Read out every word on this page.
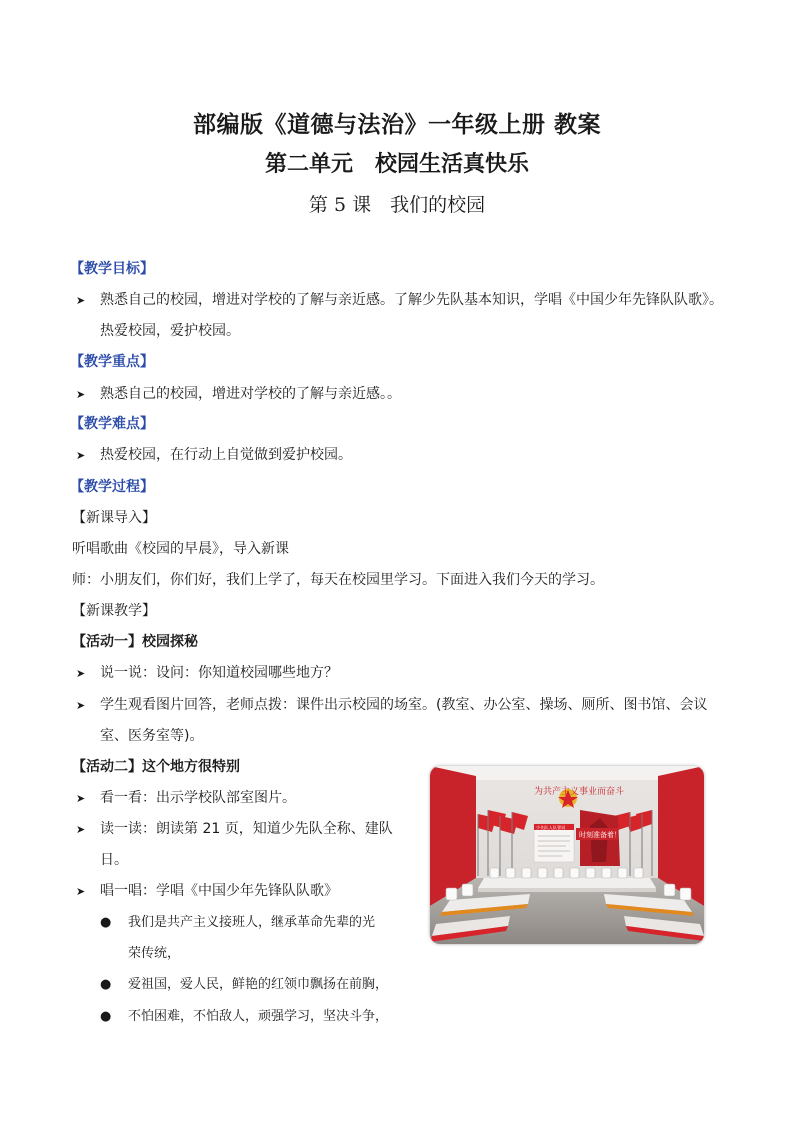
部编版《道德与法治》一年级上册 教案
第二单元　校园生活真快乐
第 5 课　我们的校园
【教学目标】
➤ 熟悉自己的校园，增进对学校的了解与亲近感。了解少先队基本知识，学唱《中国少年先锋队队歌》。
热爱校园，爱护校园。
【教学重点】
➤ 熟悉自己的校园，增进对学校的了解与亲近感。。
【教学难点】
➤ 热爱校园，在行动上自觉做到爱护校园。
【教学过程】
【新课导入】
听唱歌曲《校园的早晨》，导入新课
师：小朋友们，你们好，我们上学了，每天在校园里学习。下面进入我们今天的学习。
【新课教学】
【活动一】校园探秘
➤ 说一说：设问：你知道校园哪些地方？
➤ 学生观看图片回答，老师点拨：课件出示校园的场室。(教室、办公室、操场、厕所、图书馆、会议
室、医务室等)。
【活动二】这个地方很特别
➤ 看一看：出示学校队部室图片。
➤ 读一读：朗读第 21 页，知道少先队全称、建队
日。
➤ 唱一唱：学唱《中国少年先锋队队歌》
● 我们是共产主义接班人，继承革命先辈的光
荣传统，
● 爱祖国，爱人民，鲜艳的红领巾飘扬在前胸，
● 不怕困难，不怕敌人，顽强学习，坚决斗争，
为共产主义事业而奋斗
少先队入队誓词
时刻准备着！
